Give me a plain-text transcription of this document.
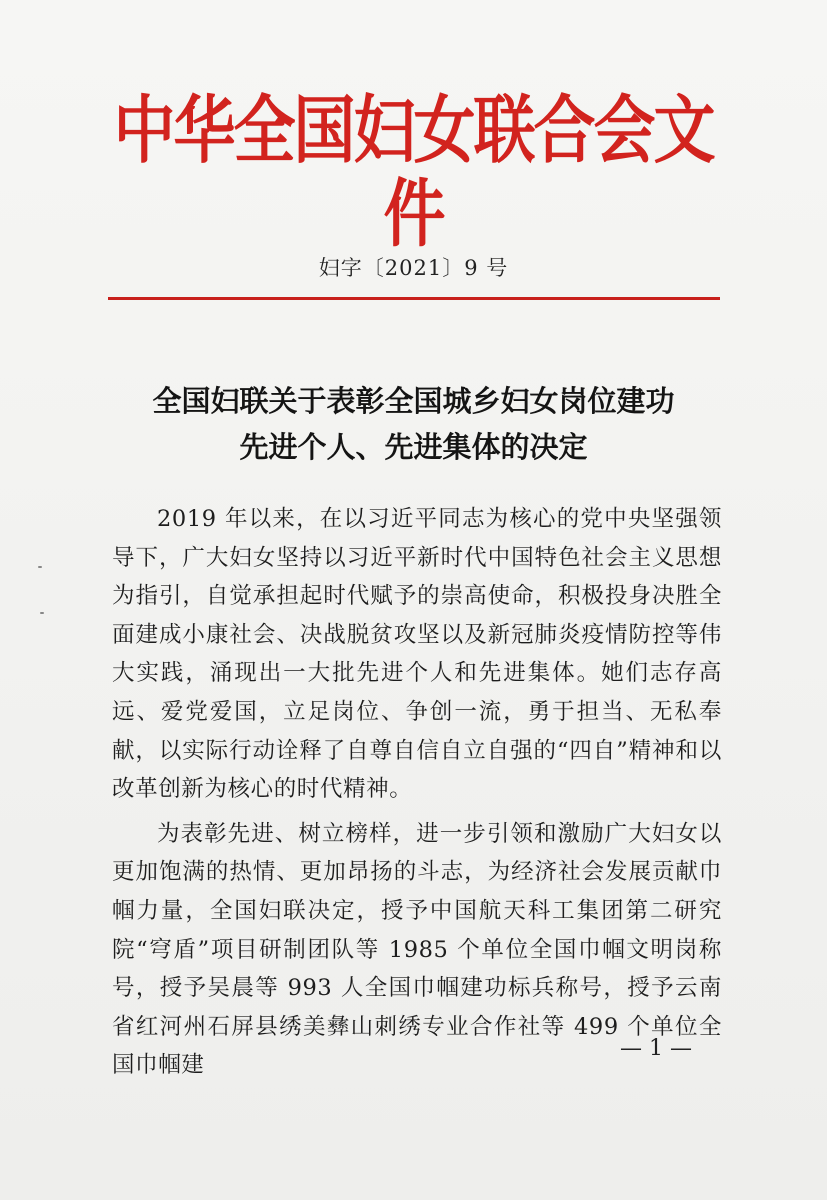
中华全国妇女联合会文件
妇字〔2021〕9 号
全国妇联关于表彰全国城乡妇女岗位建功
先进个人、先进集体的决定

2019 年以来，在以习近平同志为核心的党中央坚强领导下，广大妇女坚持以习近平新时代中国特色社会主义思想为指引，自觉承担起时代赋予的崇高使命，积极投身决胜全面建成小康社会、决战脱贫攻坚以及新冠肺炎疫情防控等伟大实践，涌现出一大批先进个人和先进集体。她们志存高远、爱党爱国，立足岗位、争创一流，勇于担当、无私奉献，以实际行动诠释了自尊自信自立自强的“四自”精神和以改革创新为核心的时代精神。

为表彰先进、树立榜样，进一步引领和激励广大妇女以更加饱满的热情、更加昂扬的斗志，为经济社会发展贡献巾帼力量，全国妇联决定，授予中国航天科工集团第二研究院“穹盾”项目研制团队等 1985 个单位全国巾帼文明岗称号，授予吴晨等 993 人全国巾帼建功标兵称号，授予云南省红河州石屏县绣美彝山刺绣专业合作社等 499 个单位全国巾帼建

— 1 —
